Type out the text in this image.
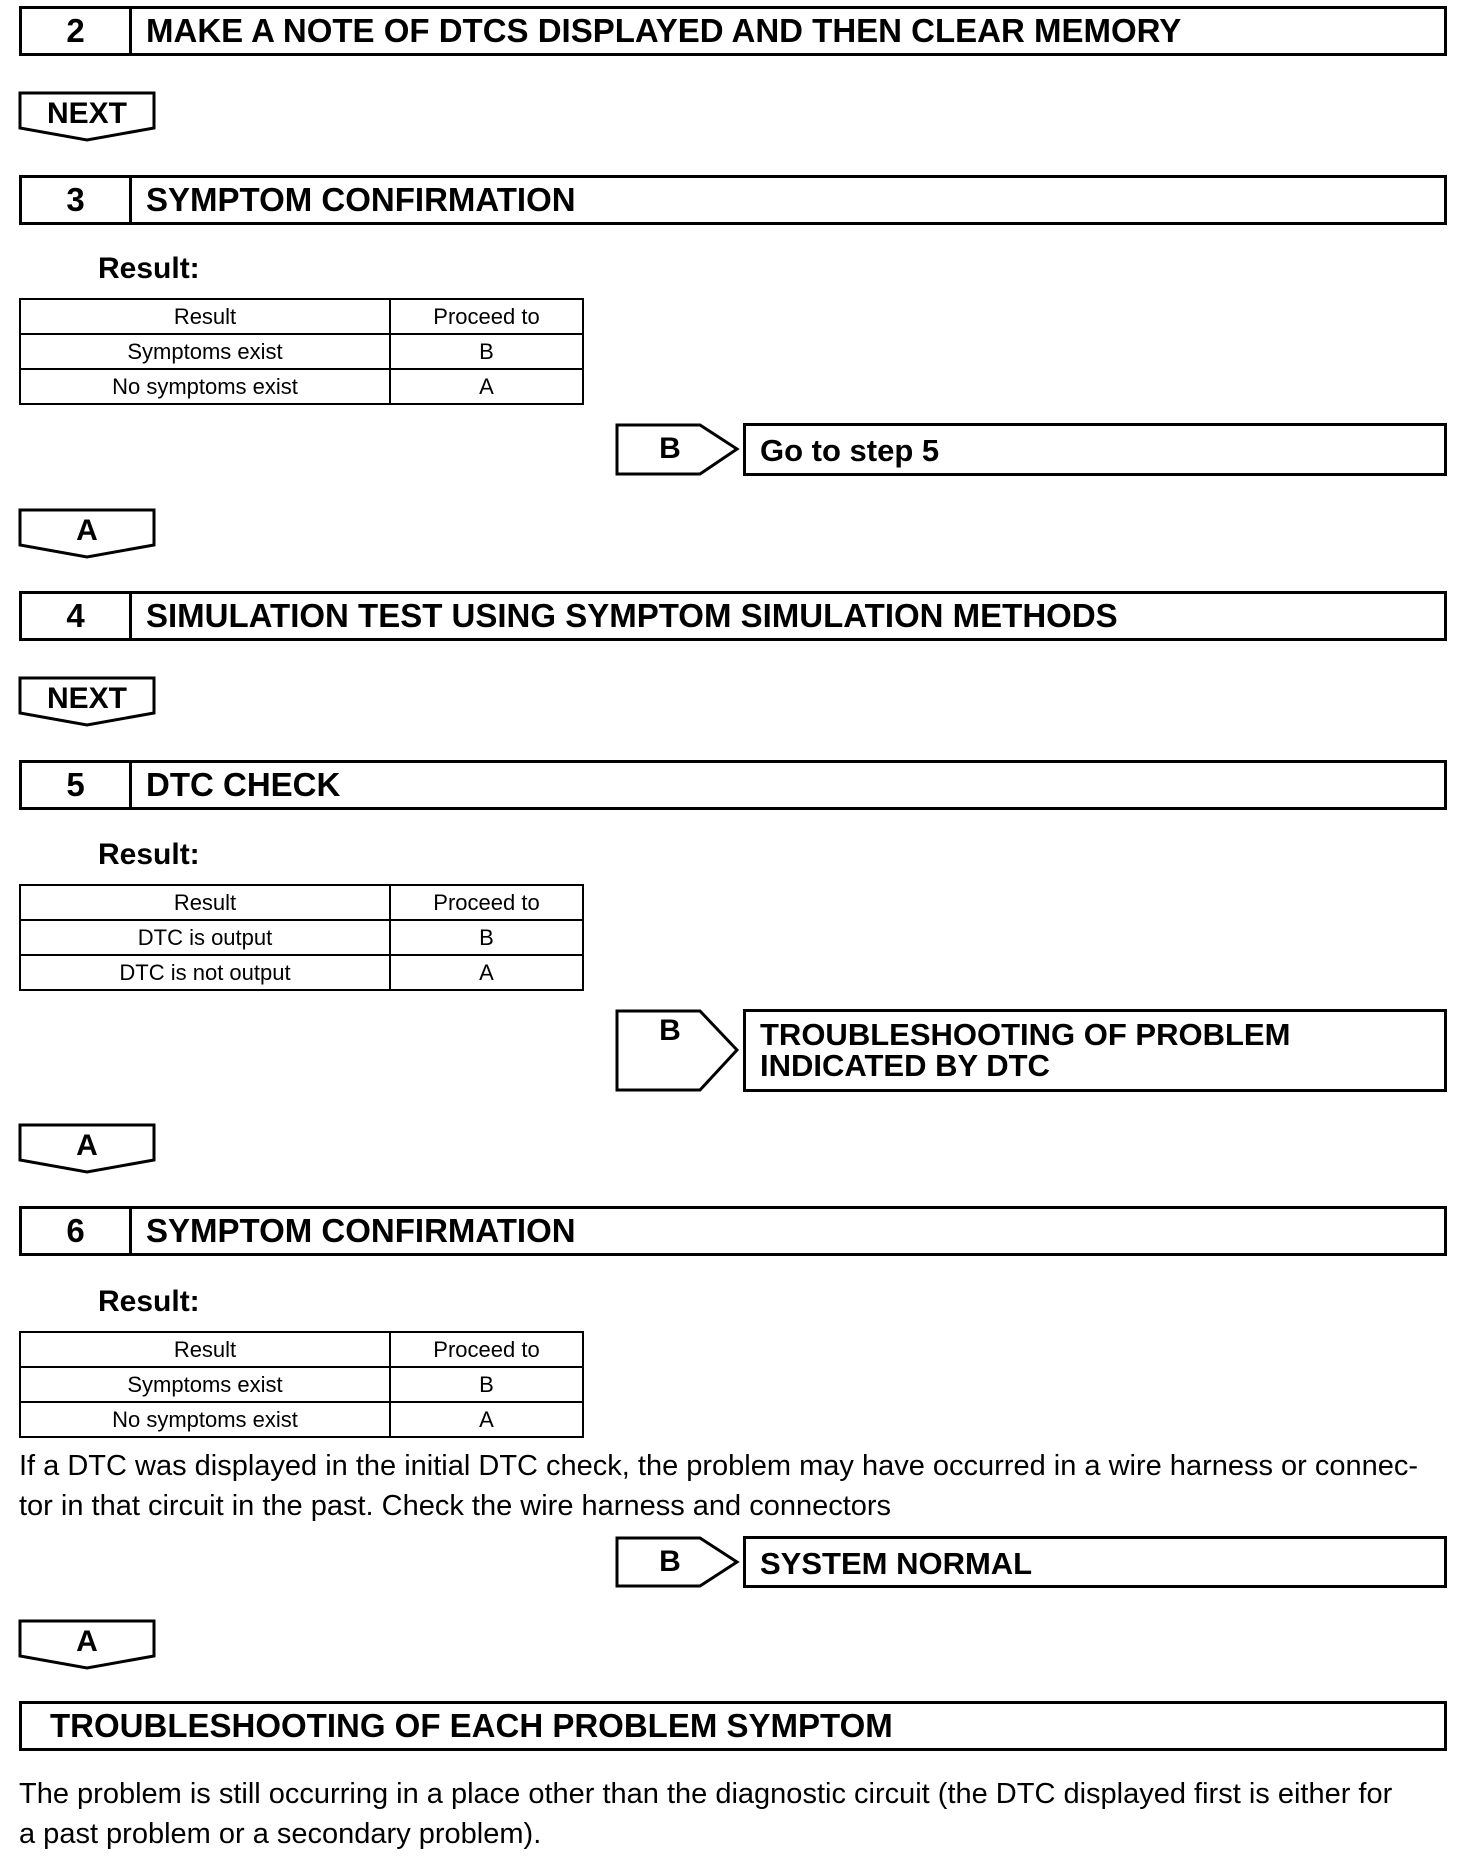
2	MAKE A NOTE OF DTCS DISPLAYED AND THEN CLEAR MEMORY
NEXT
3	SYMPTOM CONFIRMATION
Result:
Result	Proceed to
Symptoms exist	B
No symptoms exist	A
B	Go to step 5
A
4	SIMULATION TEST USING SYMPTOM SIMULATION METHODS
NEXT
5	DTC CHECK
Result:
Result	Proceed to
DTC is output	B
DTC is not output	A
B	TROUBLESHOOTING OF PROBLEM
INDICATED BY DTC
A
6	SYMPTOM CONFIRMATION
Result:
Result	Proceed to
Symptoms exist	B
No symptoms exist	A
If a DTC was displayed in the initial DTC check, the problem may have occurred in a wire harness or connec-
tor in that circuit in the past. Check the wire harness and connectors
B	SYSTEM NORMAL
A
TROUBLESHOOTING OF EACH PROBLEM SYMPTOM
The problem is still occurring in a place other than the diagnostic circuit (the DTC displayed first is either for
a past problem or a secondary problem).
